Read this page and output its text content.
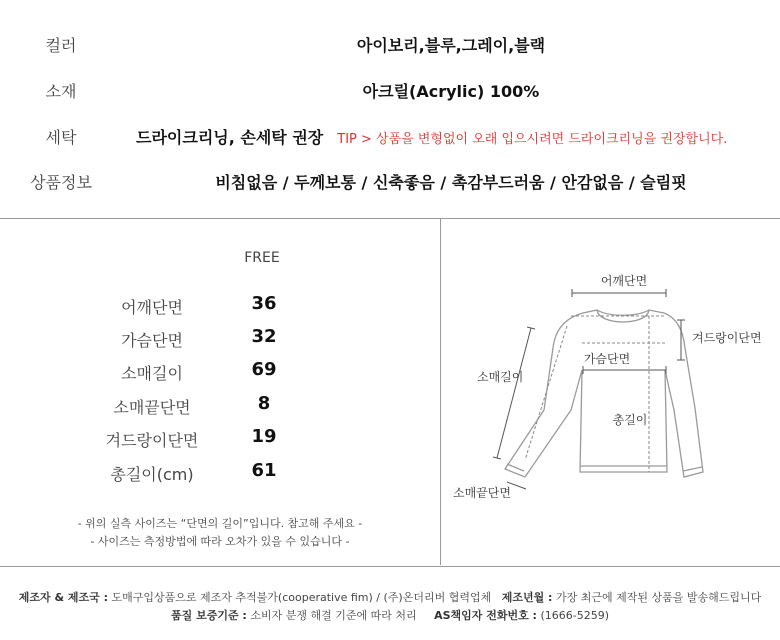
컬러	아이보리,블루,그레이,블랙
소재	아크릴(Acrylic) 100%
세탁	드라이크리닝, 손세탁 권장 TIP > 상품을 변형없이 오래 입으시려면 드라이크리닝을 권장합니다.
상품정보	비침없음 / 두께보통 / 신축좋음 / 촉감부드러움 / 안감없음 / 슬림핏
FREE
어깨단면	36
가슴단면	32
소매길이	69
소매끝단면	8
겨드랑이단면	19
총길이(cm)	61
- 위의 실측 사이즈는 “단면의 길이”입니다. 참고해 주세요 -
- 사이즈는 측정방법에 따라 오차가 있을 수 있습니다 -
어깨단면
겨드랑이단면
가슴단면
소매길이
총길이
소매끝단면
제조자 & 제조국 : 도매구입상품으로 제조자 추적불가(cooperative fim) / (주)온더리버 협력업체 제조년월 : 가장 최근에 제작된 상품을 발송해드립니다
품질 보증기준 : 소비자 분쟁 해결 기준에 따라 처리 AS책임자 전화번호 : (1666-5259)
